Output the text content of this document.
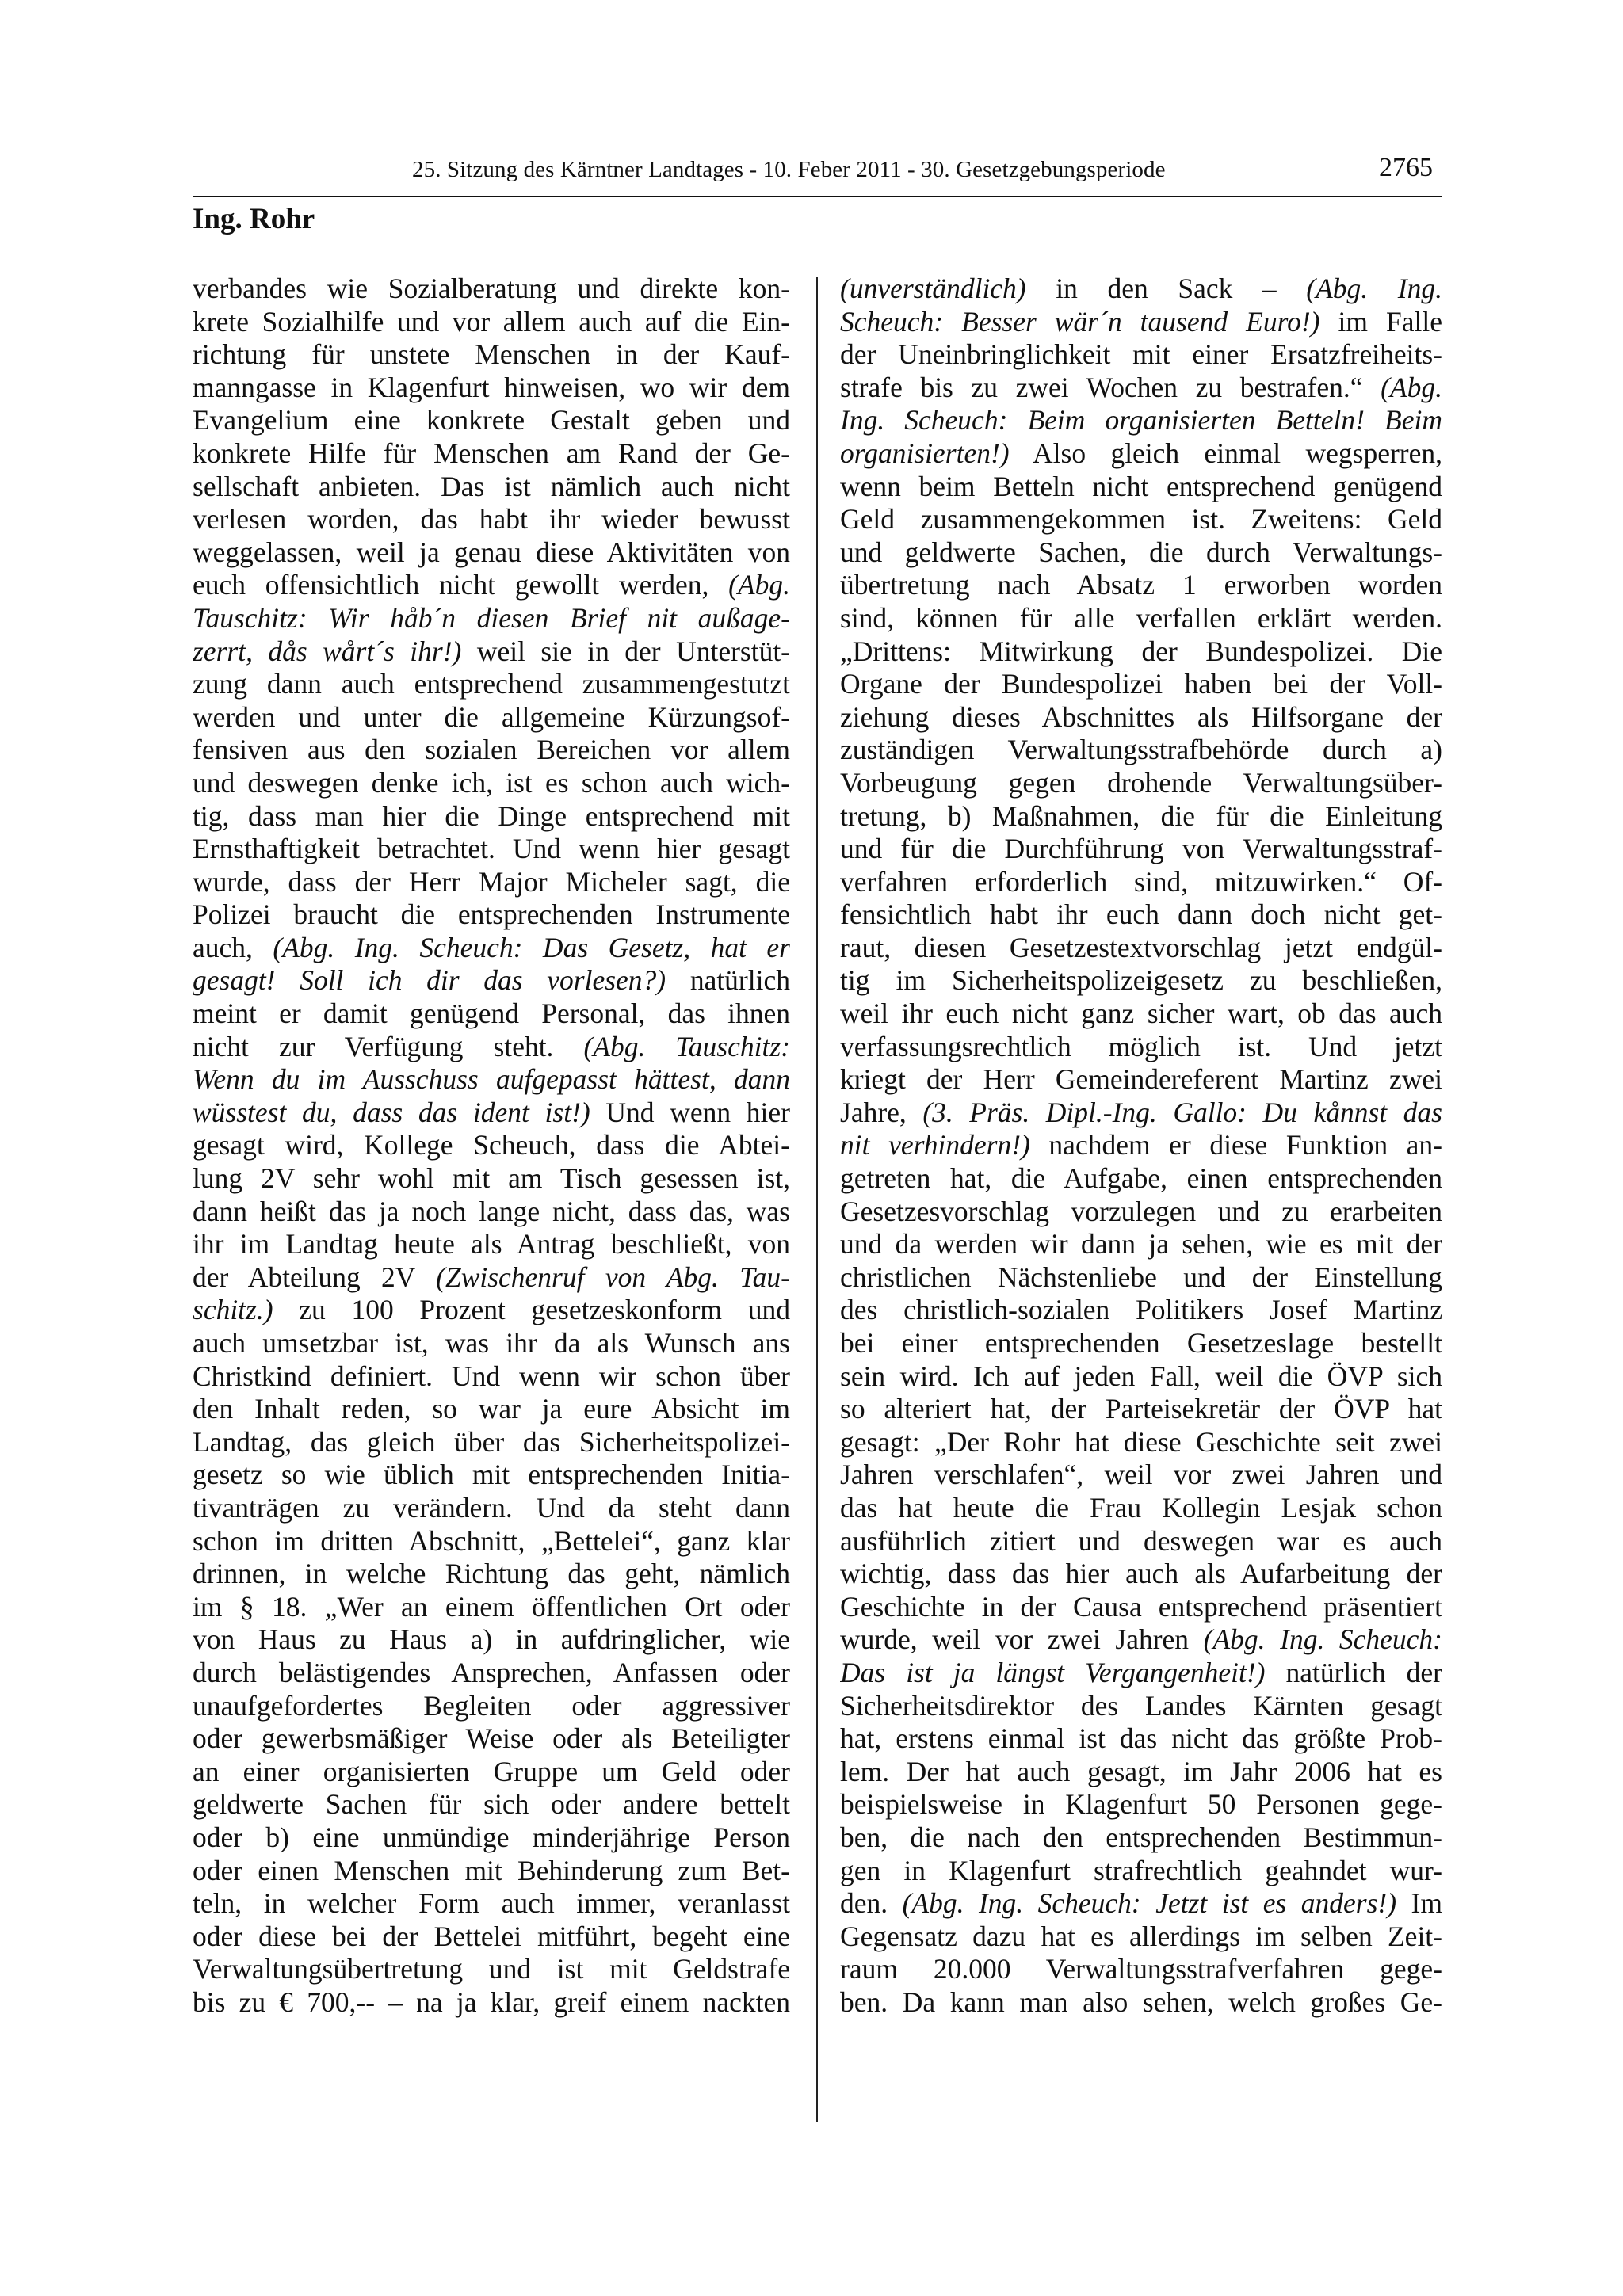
25. Sitzung des Kärntner Landtages - 10. Feber 2011 - 30. Gesetzgebungsperiode	2765
Ing. Rohr
verbandes wie Sozialberatung und direkte kon-
krete Sozialhilfe und vor allem auch auf die Ein-
richtung für unstete Menschen in der Kauf-
manngasse in Klagenfurt hinweisen, wo wir dem
Evangelium eine konkrete Gestalt geben und
konkrete Hilfe für Menschen am Rand der Ge-
sellschaft anbieten. Das ist nämlich auch nicht
verlesen worden, das habt ihr wieder bewusst
weggelassen, weil ja genau diese Aktivitäten von
euch offensichtlich nicht gewollt werden, (Abg.
Tauschitz: Wir håb´n diesen Brief nit außage-
zerrt, dås wårt´s ihr!) weil sie in der Unterstüt-
zung dann auch entsprechend zusammengestutzt
werden und unter die allgemeine Kürzungsof-
fensiven aus den sozialen Bereichen vor allem
und deswegen denke ich, ist es schon auch wich-
tig, dass man hier die Dinge entsprechend mit
Ernsthaftigkeit betrachtet. Und wenn hier gesagt
wurde, dass der Herr Major Micheler sagt, die
Polizei braucht die entsprechenden Instrumente
auch, (Abg. Ing. Scheuch: Das Gesetz, hat er
gesagt! Soll ich dir das vorlesen?) natürlich
meint er damit genügend Personal, das ihnen
nicht zur Verfügung steht. (Abg. Tauschitz:
Wenn du im Ausschuss aufgepasst hättest, dann
wüsstest du, dass das ident ist!) Und wenn hier
gesagt wird, Kollege Scheuch, dass die Abtei-
lung 2V sehr wohl mit am Tisch gesessen ist,
dann heißt das ja noch lange nicht, dass das, was
ihr im Landtag heute als Antrag beschließt, von
der Abteilung 2V (Zwischenruf von Abg. Tau-
schitz.) zu 100 Prozent gesetzeskonform und
auch umsetzbar ist, was ihr da als Wunsch ans
Christkind definiert. Und wenn wir schon über
den Inhalt reden, so war ja eure Absicht im
Landtag, das gleich über das Sicherheitspolizei-
gesetz so wie üblich mit entsprechenden Initia-
tivanträgen zu verändern. Und da steht dann
schon im dritten Abschnitt, „Bettelei“, ganz klar
drinnen, in welche Richtung das geht, nämlich
im § 18. „Wer an einem öffentlichen Ort oder
von Haus zu Haus a) in aufdringlicher, wie
durch belästigendes Ansprechen, Anfassen oder
unaufgefordertes Begleiten oder aggressiver
oder gewerbsmäßiger Weise oder als Beteiligter
an einer organisierten Gruppe um Geld oder
geldwerte Sachen für sich oder andere bettelt
oder b) eine unmündige minderjährige Person
oder einen Menschen mit Behinderung zum Bet-
teln, in welcher Form auch immer, veranlasst
oder diese bei der Bettelei mitführt, begeht eine
Verwaltungsübertretung und ist mit Geldstrafe
bis zu € 700,-- – na ja klar, greif einem nackten
(unverständlich) in den Sack – (Abg. Ing.
Scheuch: Besser wär´n tausend Euro!) im Falle
der Uneinbringlichkeit mit einer Ersatzfreiheits-
strafe bis zu zwei Wochen zu bestrafen.“ (Abg.
Ing. Scheuch: Beim organisierten Betteln! Beim
organisierten!) Also gleich einmal wegsperren,
wenn beim Betteln nicht entsprechend genügend
Geld zusammengekommen ist. Zweitens: Geld
und geldwerte Sachen, die durch Verwaltungs-
übertretung nach Absatz 1 erworben worden
sind, können für alle verfallen erklärt werden.
„Drittens: Mitwirkung der Bundespolizei. Die
Organe der Bundespolizei haben bei der Voll-
ziehung dieses Abschnittes als Hilfsorgane der
zuständigen Verwaltungsstrafbehörde durch a)
Vorbeugung gegen drohende Verwaltungsüber-
tretung, b) Maßnahmen, die für die Einleitung
und für die Durchführung von Verwaltungsstraf-
verfahren erforderlich sind, mitzuwirken.“ Of-
fensichtlich habt ihr euch dann doch nicht get-
raut, diesen Gesetzestextvorschlag jetzt endgül-
tig im Sicherheitspolizeigesetz zu beschließen,
weil ihr euch nicht ganz sicher wart, ob das auch
verfassungsrechtlich möglich ist. Und jetzt
kriegt der Herr Gemeindereferent Martinz zwei
Jahre, (3. Präs. Dipl.-Ing. Gallo: Du kånnst das
nit verhindern!) nachdem er diese Funktion an-
getreten hat, die Aufgabe, einen entsprechenden
Gesetzesvorschlag vorzulegen und zu erarbeiten
und da werden wir dann ja sehen, wie es mit der
christlichen Nächstenliebe und der Einstellung
des christlich-sozialen Politikers Josef Martinz
bei einer entsprechenden Gesetzeslage bestellt
sein wird. Ich auf jeden Fall, weil die ÖVP sich
so alteriert hat, der Parteisekretär der ÖVP hat
gesagt: „Der Rohr hat diese Geschichte seit zwei
Jahren verschlafen“, weil vor zwei Jahren und
das hat heute die Frau Kollegin Lesjak schon
ausführlich zitiert und deswegen war es auch
wichtig, dass das hier auch als Aufarbeitung der
Geschichte in der Causa entsprechend präsentiert
wurde, weil vor zwei Jahren (Abg. Ing. Scheuch:
Das ist ja längst Vergangenheit!) natürlich der
Sicherheitsdirektor des Landes Kärnten gesagt
hat, erstens einmal ist das nicht das größte Prob-
lem. Der hat auch gesagt, im Jahr 2006 hat es
beispielsweise in Klagenfurt 50 Personen gege-
ben, die nach den entsprechenden Bestimmun-
gen in Klagenfurt strafrechtlich geahndet wur-
den. (Abg. Ing. Scheuch: Jetzt ist es anders!) Im
Gegensatz dazu hat es allerdings im selben Zeit-
raum 20.000 Verwaltungsstrafverfahren gege-
ben. Da kann man also sehen, welch großes Ge-
